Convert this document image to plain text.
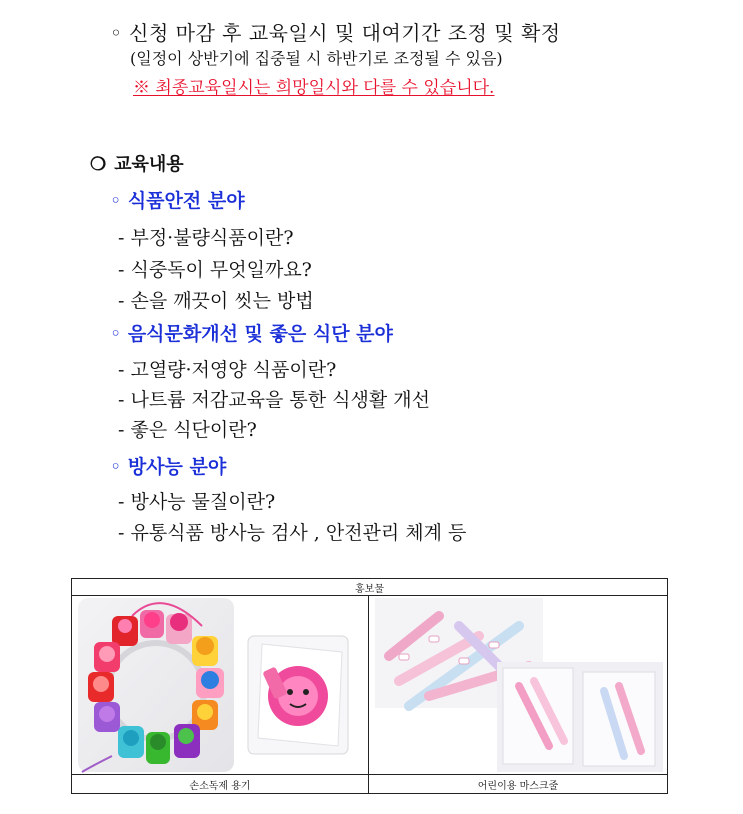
◦ 신청 마감 후 교육일시 및 대여기간 조정 및 확정
(일정이 상반기에 집중될 시 하반기로 조정될 수 있음)
※ 최종교육일시는 희망일시와 다를 수 있습니다.
❍ 교육내용
◦ 식품안전 분야
- 부정·불량식품이란?
- 식중독이 무엇일까요?
- 손을 깨끗이 씻는 방법
◦ 음식문화개선 및 좋은 식단 분야
- 고열량·저영양 식품이란?
- 나트륨 저감교육을 통한 식생활 개선
- 좋은 식단이란?
◦ 방사능 분야
- 방사능 물질이란?
- 유통식품 방사능 검사 , 안전관리 체계 등
홍보물	

손소독제 용기	어린이용 마스크줄
